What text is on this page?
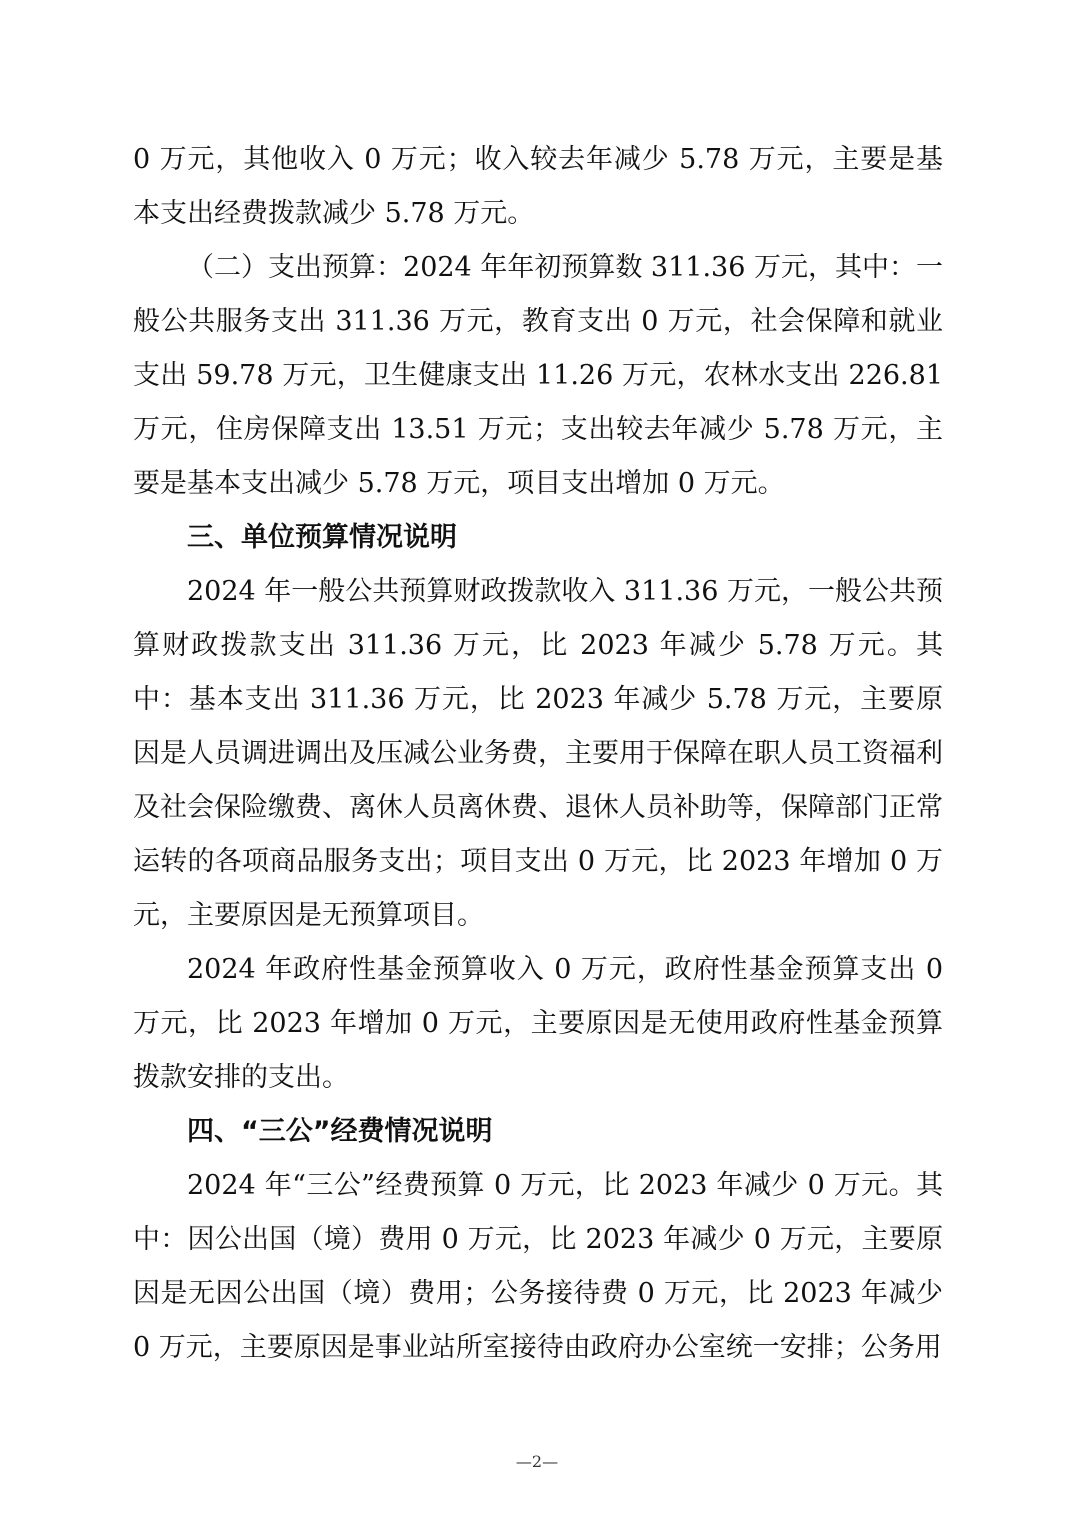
0 万元，其他收入 0 万元；收入较去年减少 5.78 万元，主要是基本支出经费拨款减少 5.78 万元。

（二）支出预算：2024 年年初预算数 311.36 万元，其中：一般公共服务支出 311.36 万元，教育支出 0 万元，社会保障和就业支出 59.78 万元，卫生健康支出 11.26 万元，农林水支出 226.81 万元，住房保障支出 13.51 万元；支出较去年减少 5.78 万元，主要是基本支出减少 5.78 万元，项目支出增加 0 万元。

三、单位预算情况说明

2024 年一般公共预算财政拨款收入 311.36 万元，一般公共预算财政拨款支出 311.36 万元，比 2023 年减少 5.78 万元。其中：基本支出 311.36 万元，比 2023 年减少 5.78 万元，主要原因是人员调进调出及压减公业务费，主要用于保障在职人员工资福利及社会保险缴费、离休人员离休费、退休人员补助等，保障部门正常运转的各项商品服务支出；项目支出 0 万元，比 2023 年增加 0 万元，主要原因是无预算项目。

2024 年政府性基金预算收入 0 万元，政府性基金预算支出 0 万元，比 2023 年增加 0 万元，主要原因是无使用政府性基金预算拨款安排的支出。

四、“三公”经费情况说明

2024 年“三公”经费预算 0 万元，比 2023 年减少 0 万元。其中：因公出国（境）费用 0 万元，比 2023 年减少 0 万元，主要原因是无因公出国（境）费用；公务接待费 0 万元，比 2023 年减少 0 万元，主要原因是事业站所室接待由政府办公室统一安排；公务用

—2—
